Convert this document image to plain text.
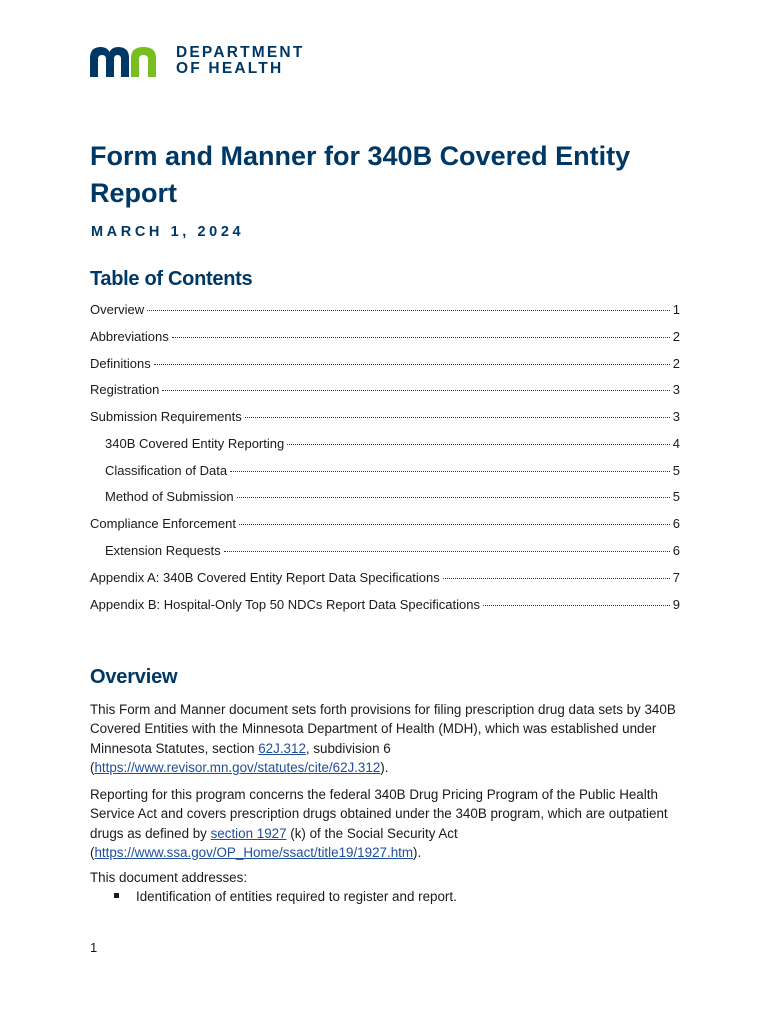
DEPARTMENT
OF HEALTH
Form and Manner for 340B Covered Entity Report

MARCH 1, 2024

Table of Contents
Overview	1
Abbreviations	2
Definitions	2
Registration	3
Submission Requirements	3
340B Covered Entity Reporting	4
Classification of Data	5
Method of Submission	5
Compliance Enforcement	6
Extension Requests	6
Appendix A: 340B Covered Entity Report Data Specifications	7
Appendix B: Hospital-Only Top 50 NDCs Report Data Specifications	9
Overview

This Form and Manner document sets forth provisions for filing prescription drug data sets by 340B Covered Entities with the Minnesota Department of Health (MDH), which was established under Minnesota Statutes, section 62J.312, subdivision 6 (https://www.revisor.mn.gov/statutes/cite/62J.312).

Reporting for this program concerns the federal 340B Drug Pricing Program of the Public Health Service Act and covers prescription drugs obtained under the 340B program, which are outpatient drugs as defined by section 1927 (k) of the Social Security Act (https://www.ssa.gov/OP_Home/ssact/title19/1927.htm).

This document addresses:

Identification of entities required to register and report.
1
